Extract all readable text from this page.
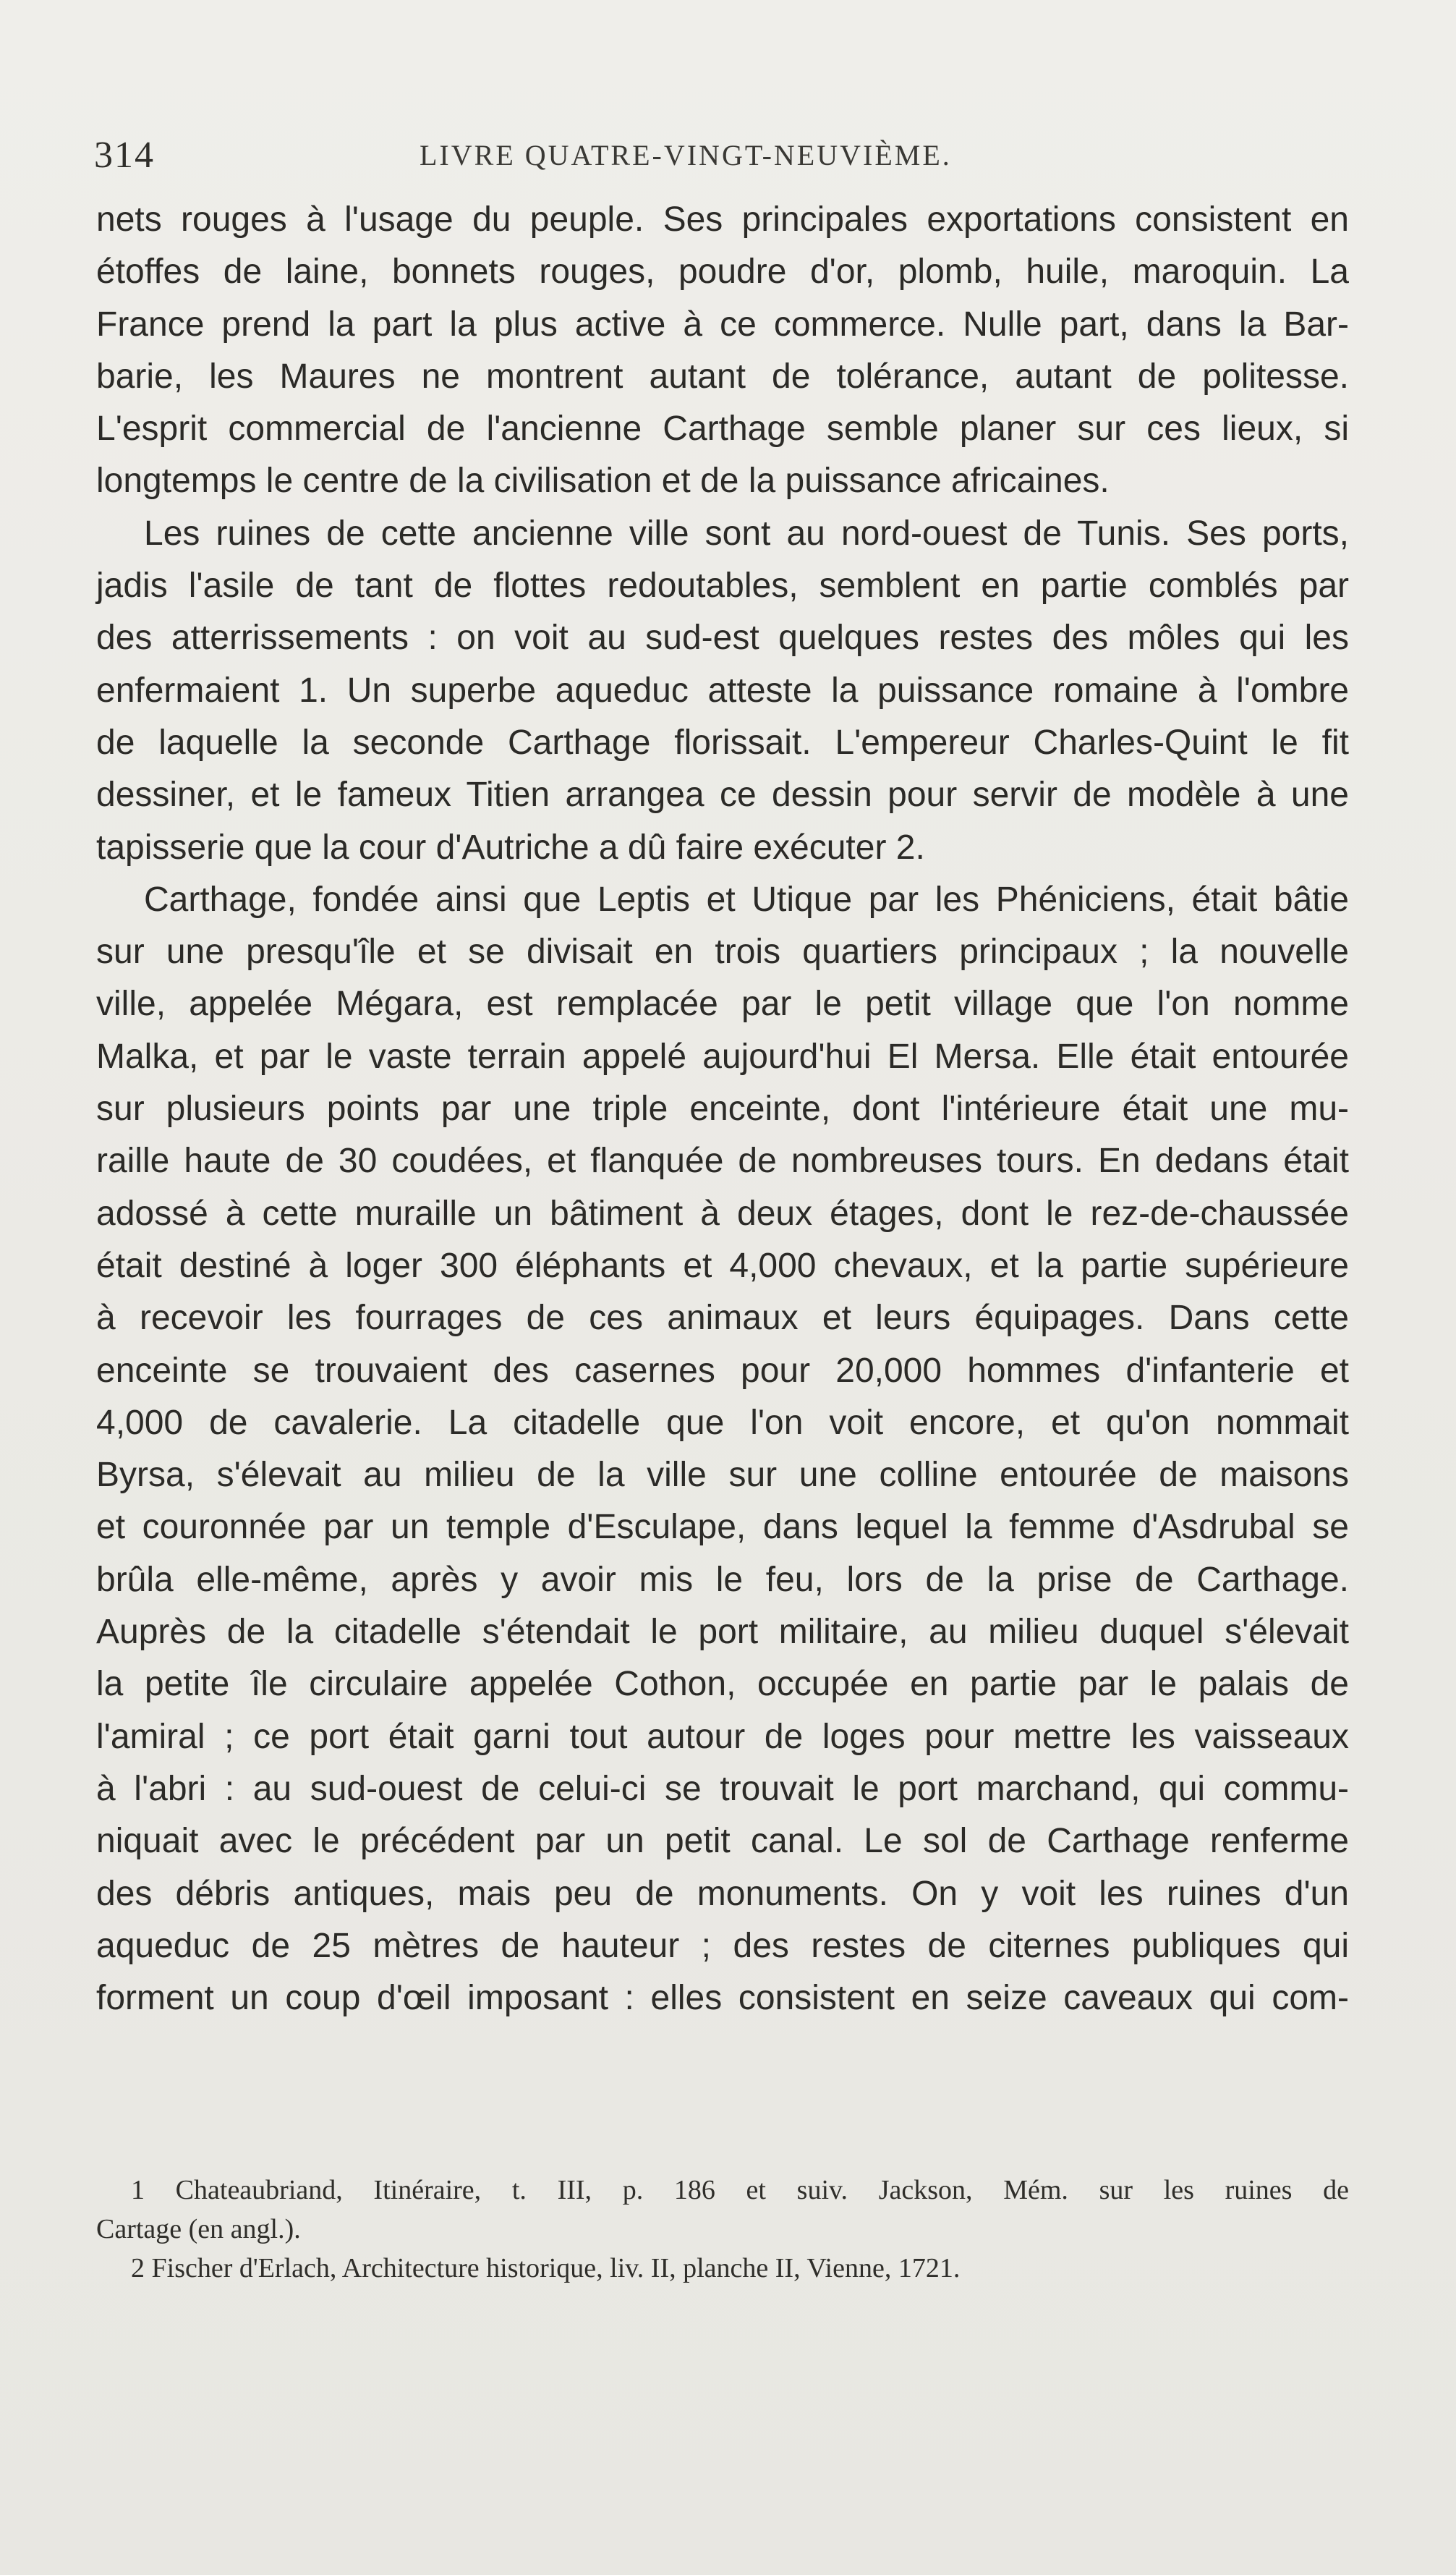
314	LIVRE QUATRE-VINGT-NEUVIÈME.
nets rouges à l'usage du peuple. Ses principales exportations consistent en
étoffes de laine, bonnets rouges, poudre d'or, plomb, huile, maroquin. La
France prend la part la plus active à ce commerce. Nulle part, dans la Bar-
barie, les Maures ne montrent autant de tolérance, autant de politesse.
L'esprit commercial de l'ancienne Carthage semble planer sur ces lieux, si
longtemps le centre de la civilisation et de la puissance africaines.
Les ruines de cette ancienne ville sont au nord-ouest de Tunis. Ses ports,
jadis l'asile de tant de flottes redoutables, semblent en partie comblés par
des atterrissements : on voit au sud-est quelques restes des môles qui les
enfermaient 1. Un superbe aqueduc atteste la puissance romaine à l'ombre
de laquelle la seconde Carthage florissait. L'empereur Charles-Quint le fit
dessiner, et le fameux Titien arrangea ce dessin pour servir de modèle à une
tapisserie que la cour d'Autriche a dû faire exécuter 2.
Carthage, fondée ainsi que Leptis et Utique par les Phéniciens, était bâtie
sur une presqu'île et se divisait en trois quartiers principaux ; la nouvelle
ville, appelée Mégara, est remplacée par le petit village que l'on nomme
Malka, et par le vaste terrain appelé aujourd'hui El Mersa. Elle était entourée
sur plusieurs points par une triple enceinte, dont l'intérieure était une mu-
raille haute de 30 coudées, et flanquée de nombreuses tours. En dedans était
adossé à cette muraille un bâtiment à deux étages, dont le rez-de-chaussée
était destiné à loger 300 éléphants et 4,000 chevaux, et la partie supérieure
à recevoir les fourrages de ces animaux et leurs équipages. Dans cette
enceinte se trouvaient des casernes pour 20,000 hommes d'infanterie et
4,000 de cavalerie. La citadelle que l'on voit encore, et qu'on nommait
Byrsa, s'élevait au milieu de la ville sur une colline entourée de maisons
et couronnée par un temple d'Esculape, dans lequel la femme d'Asdrubal se
brûla elle-même, après y avoir mis le feu, lors de la prise de Carthage.
Auprès de la citadelle s'étendait le port militaire, au milieu duquel s'élevait
la petite île circulaire appelée Cothon, occupée en partie par le palais de
l'amiral ; ce port était garni tout autour de loges pour mettre les vaisseaux
à l'abri : au sud-ouest de celui-ci se trouvait le port marchand, qui commu-
niquait avec le précédent par un petit canal. Le sol de Carthage renferme
des débris antiques, mais peu de monuments. On y voit les ruines d'un
aqueduc de 25 mètres de hauteur ; des restes de citernes publiques qui
forment un coup d'œil imposant : elles consistent en seize caveaux qui com-
1 Chateaubriand, Itinéraire, t. III, p. 186 et suiv. Jackson, Mém. sur les ruines de
Cartage (en angl.).
2 Fischer d'Erlach, Architecture historique, liv. II, planche II, Vienne, 1721.
